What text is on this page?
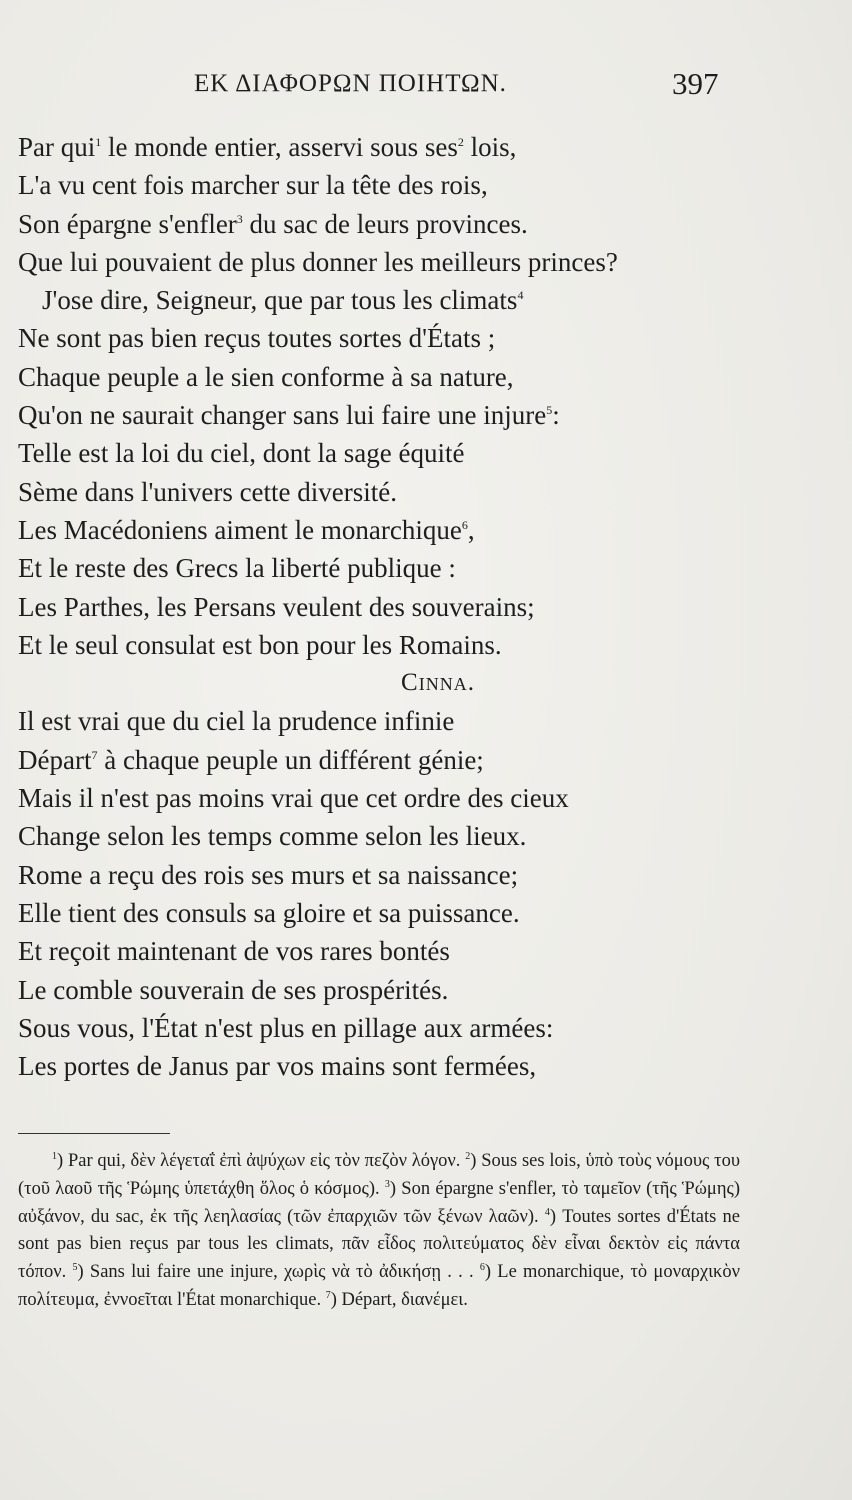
ΕΚ ΔΙΑΦΟΡΩΝ ΠΟΙΗΤΩΝ.	397
Par qui$^1$ le monde entier, asservi sous ses$^2$ lois,
L'a vu cent fois marcher sur la tête des rois,
Son épargne s'enfler$^3$ du sac de leurs provinces.
Que lui pouvaient de plus donner les meilleurs princes?
J'ose dire, Seigneur, que par tous les climats$^4$
Ne sont pas bien reçus toutes sortes d'États ;
Chaque peuple a le sien conforme à sa nature,
Qu'on ne saurait changer sans lui faire une injure$^5$:
Telle est la loi du ciel, dont la sage équité
Sème dans l'univers cette diversité.
Les Macédoniens aiment le monarchique$^6$,
Et le reste des Grecs la liberté publique :
Les Parthes, les Persans veulent des souverains;
Et le seul consulat est bon pour les Romains.
Cinna.
Il est vrai que du ciel la prudence infinie
Départ$^7$ à chaque peuple un différent génie;
Mais il n'est pas moins vrai que cet ordre des cieux
Change selon les temps comme selon les lieux.
Rome a reçu des rois ses murs et sa naissance;
Elle tient des consuls sa gloire et sa puissance.
Et reçoit maintenant de vos rares bontés
Le comble souverain de ses prospérités.
Sous vous, l'État n'est plus en pillage aux armées:
Les portes de Janus par vos mains sont fermées,
$^1$) Par qui, δὲν λέγεταΐ ἐπὶ ἀψύχων εἰς τὸν πεζὸν λόγον. $^2$) Sous ses lois, ὑπὸ τοὺς νόμους του (τοῦ λαοῦ τῆς Ῥώμης ὑπετάχθη ὅλος ὁ κόσμος). $^3$) Son épargne s'enfler, τὸ ταμεῖον (τῆς Ῥώμης) αὐξάνον, du sac, ἐκ τῆς λεηλασίας (τῶν ἐπαρχιῶν τῶν ξένων λαῶν). $^4$) Toutes sortes d'États ne sont pas bien reçus par tous les climats, πᾶν εἶδος πολιτεύματος δὲν εἶναι δεκτὸν εἰς πάντα τόπον. $^5$) Sans lui faire une injure, χωρὶς νὰ τὸ ἀδικήσῃ . . . $^6$) Le monarchique, τὸ μοναρχικὸν πολίτευμα, ἐννοεῖται l'État monarchique. $^7$) Départ, διανέμει.
